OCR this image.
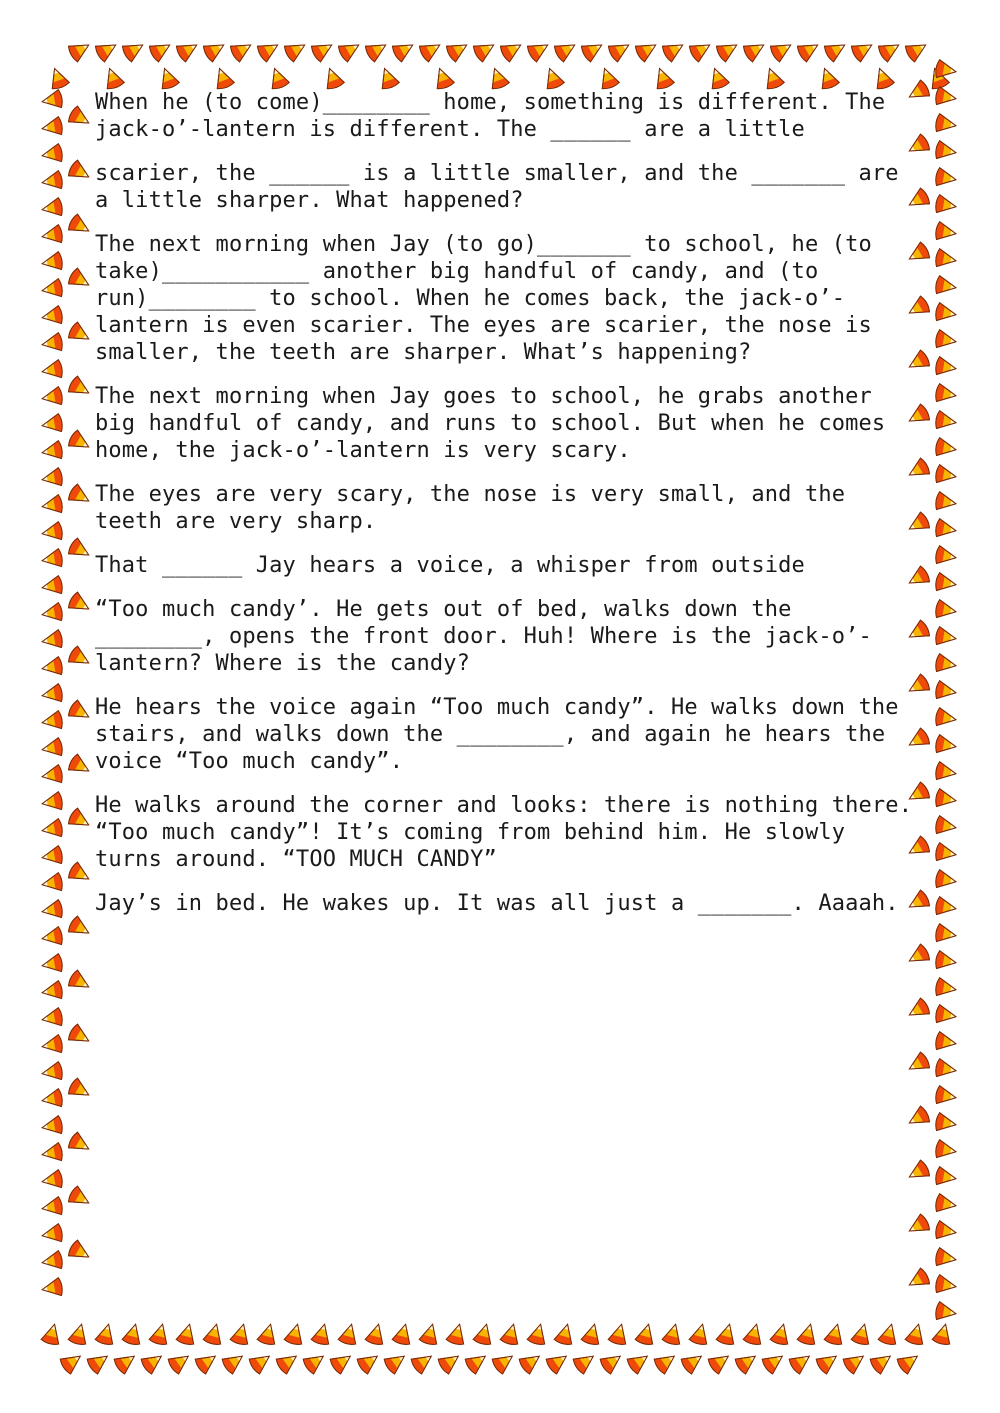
When he (to come)________ home, something is different. The jack-o’-lantern is different. The ______ are a little

scarier, the ______ is a little smaller, and the _______ are a little sharper. What happened?

The next morning when Jay (to go)_______ to school, he (to take)___________ another big handful of candy, and (to run)________ to school. When he comes back, the jack-o’-lantern is even scarier. The eyes are scarier, the nose is smaller, the teeth are sharper. What’s happening?

The next morning when Jay goes to school, he grabs another big handful of candy, and runs to school. But when he comes home, the jack-o’-lantern is very scary.

The eyes are very scary, the nose is very small, and the teeth are very sharp.

That ______ Jay hears a voice, a whisper from outside

“Too much candy’. He gets out of bed, walks down the ________, opens the front door. Huh! Where is the jack-o’-lantern? Where is the candy?

He hears the voice again “Too much candy”. He walks down the stairs, and walks down the ________, and again he hears the voice “Too much candy”.

He walks around the corner and looks: there is nothing there. “Too much candy”! It’s coming from behind him. He slowly turns around. “TOO MUCH CANDY”

Jay’s in bed. He wakes up. It was all just a _______. Aaaah.
